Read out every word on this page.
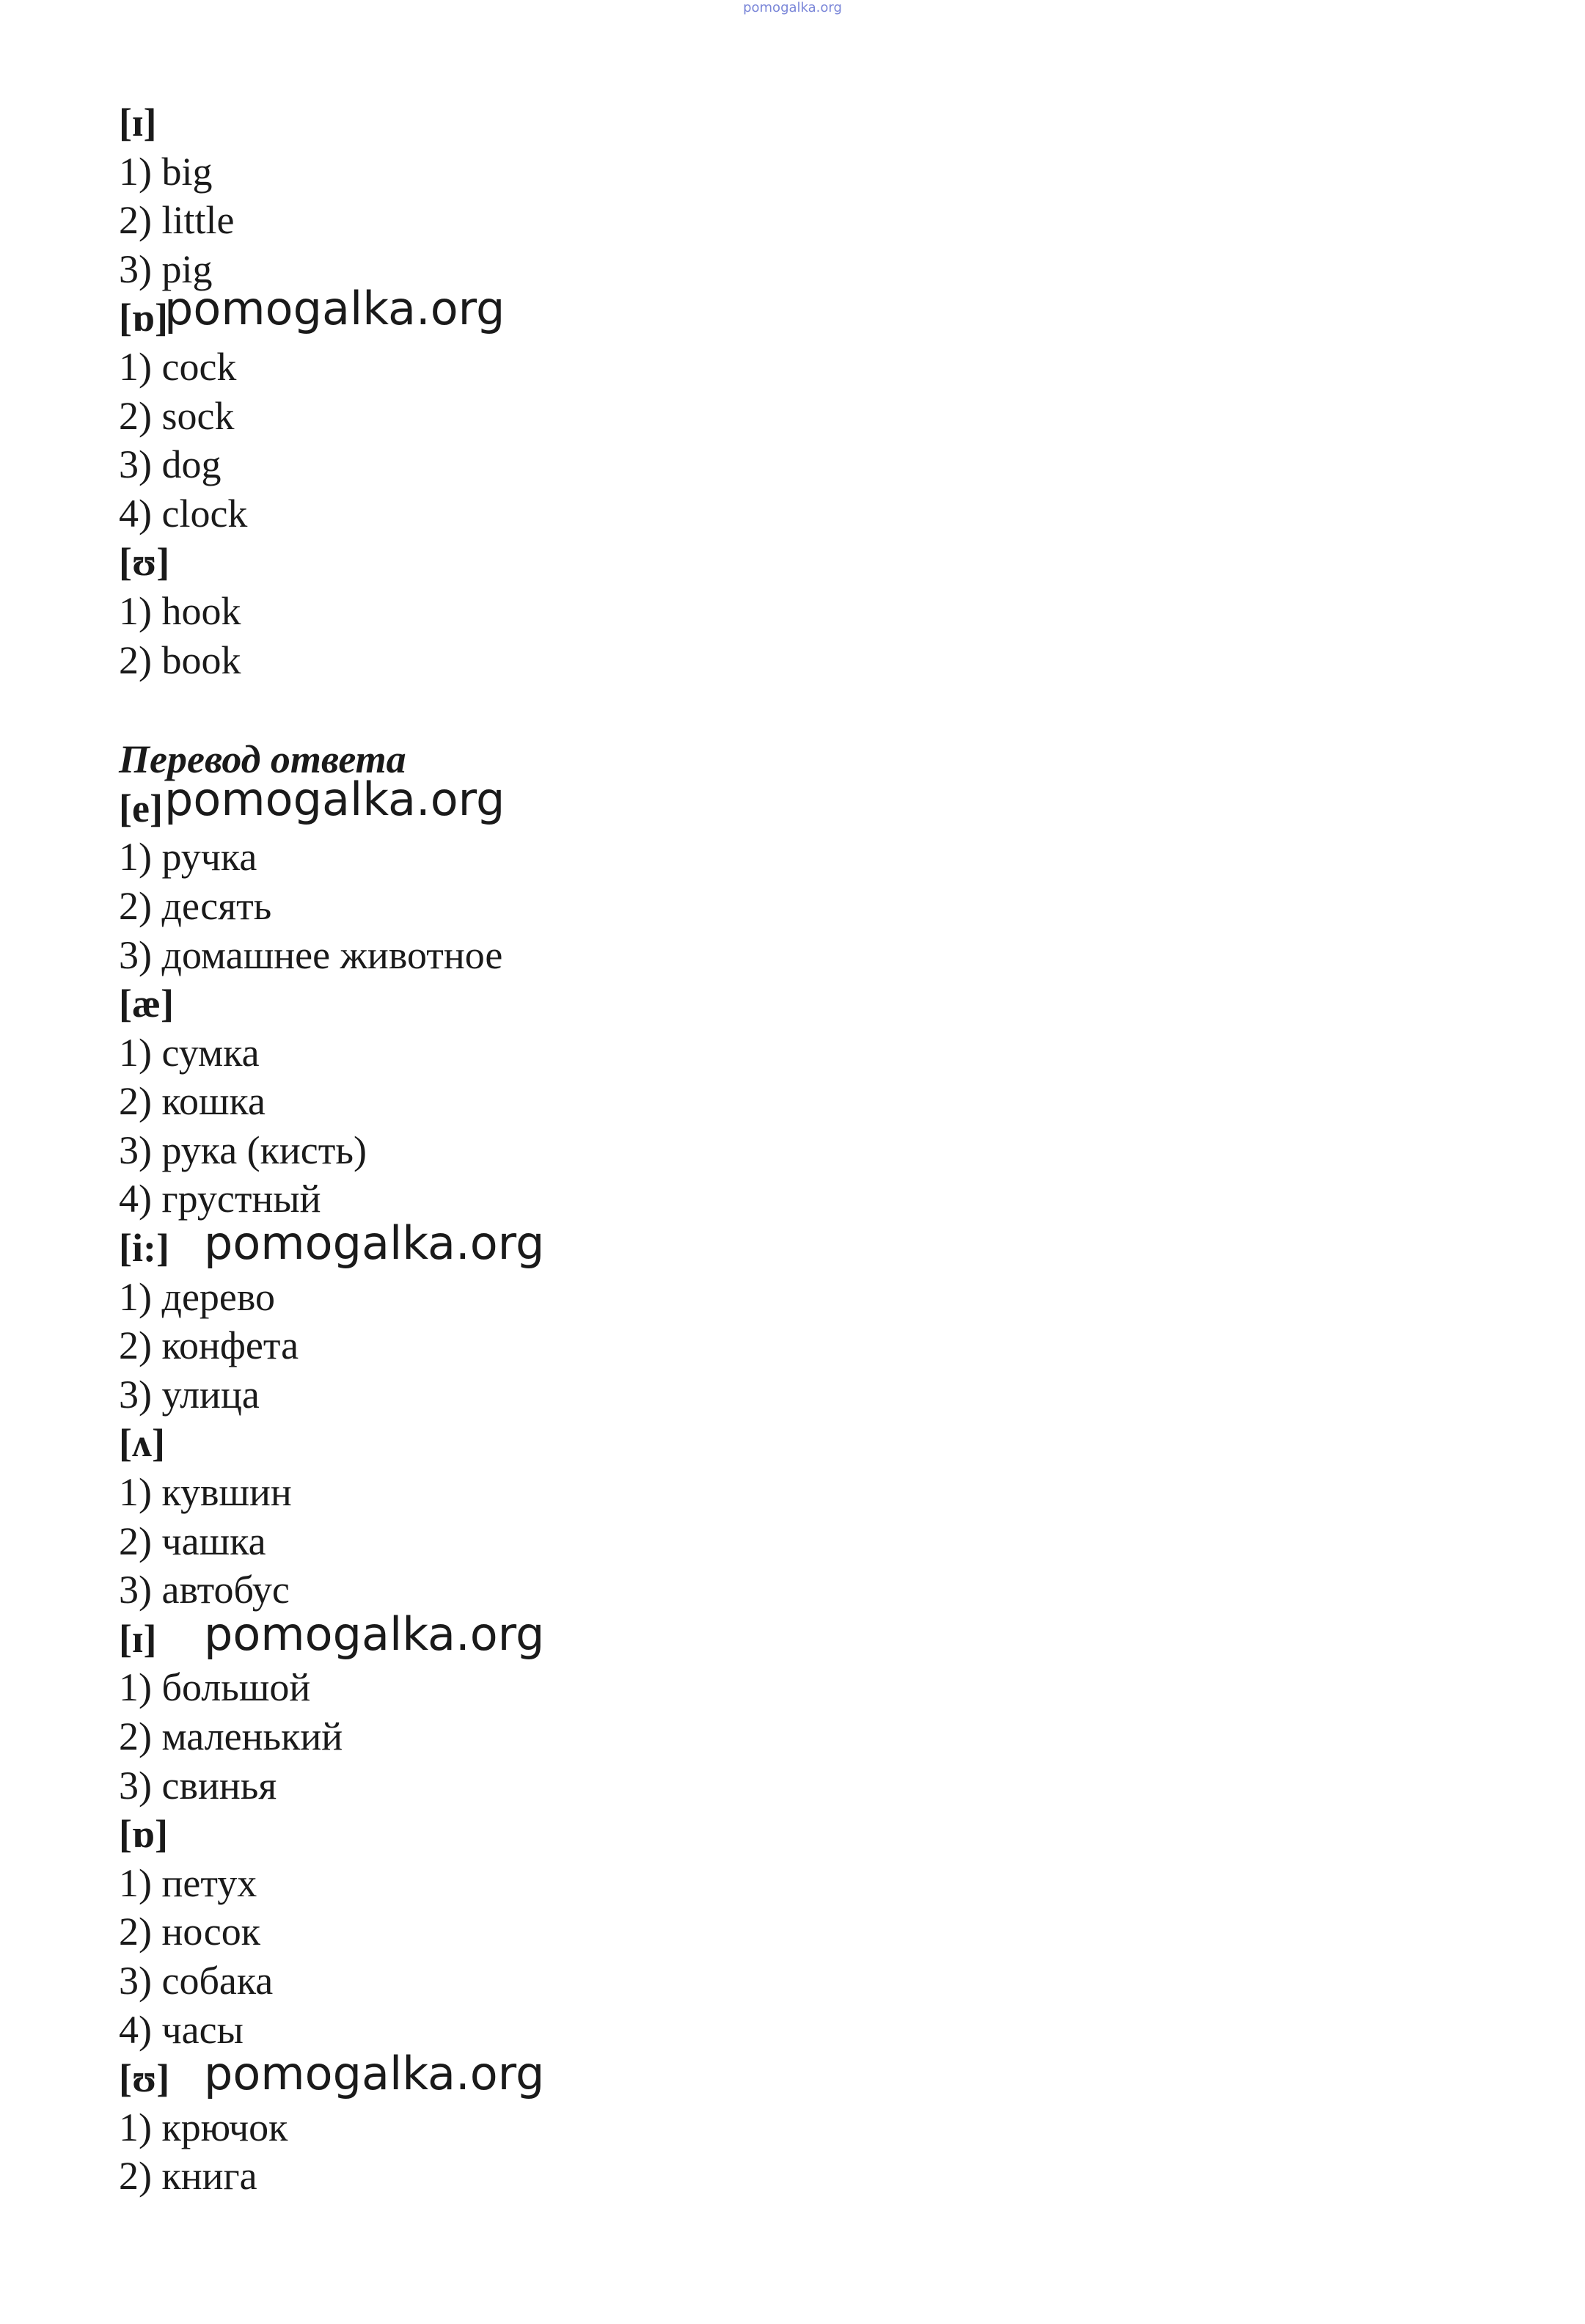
pomogalka.org
[ɪ]
1) big
2) little
3) pig
[ɒ]
pomogalka.org
1) cock
2) sock
3) dog
4) clock
[ʊ]
1) hook
2) book
Перевод ответа
[e] pomogalka.org
1) ручка
2) десять
3) домашнее животное
[æ]
1) сумка
2) кошка
3) рука (кисть)
4) грустный
[i:] pomogalka.org
1) дерево
2) конфета
3) улица
[ʌ]
1) кувшин
2) чашка
3) автобус
[ɪ] pomogalka.org
1) большой
2) маленький
3) свинья
[ɒ]
1) петух
2) носок
3) собака
4) часы
[ʊ] pomogalka.org
1) крючок
2) книга
